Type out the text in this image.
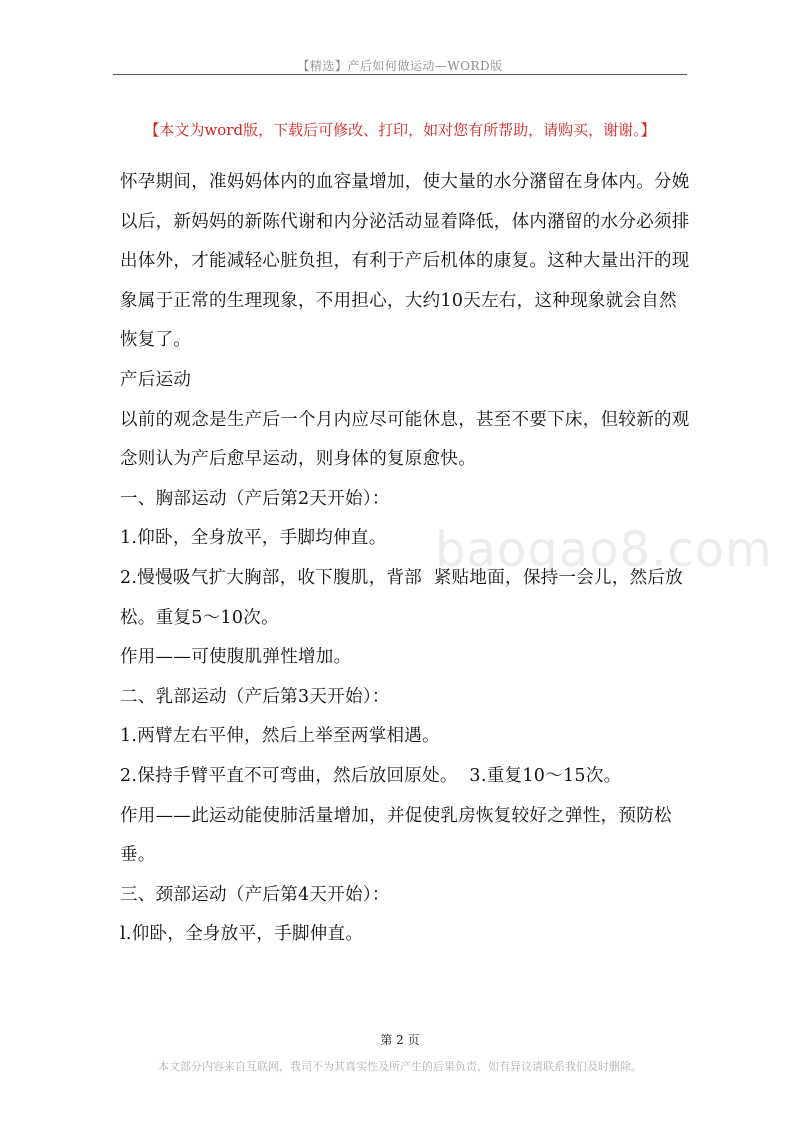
【精选】产后如何做运动—WORD版
【本文为word版，下载后可修改、打印，如对您有所帮助，请购买，谢谢。】
baogao8.com

怀孕期间，准妈妈体内的血容量增加，使大量的水分潴留在身体内。分娩以后，新妈妈的新陈代谢和内分泌活动显着降低，体内潴留的水分必须排出体外，才能减轻心脏负担，有利于产后机体的康复。这种大量出汗的现象属于正常的生理现象，不用担心，大约10天左右，这种现象就会自然恢复了。

产后运动

以前的观念是生产后一个月内应尽可能休息，甚至不要下床，但较新的观念则认为产后愈早运动，则身体的复原愈快。

一、胸部运动（产后第2天开始）：

1.仰卧，全身放平，手脚均伸直。

2.慢慢吸气扩大胸部，收下腹肌，背部  紧贴地面，保持一会儿，然后放松。重复5～10次。

作用——可使腹肌弹性增加。

二、乳部运动（产后第3天开始）：

1.两臂左右平伸，然后上举至两掌相遇。

2.保持手臂平直不可弯曲，然后放回原处。  3.重复10～15次。

作用——此运动能使肺活量增加，并促使乳房恢复较好之弹性，预防松垂。

三、颈部运动（产后第4天开始）：

l.仰卧，全身放平，手脚伸直。

第 2 页
本文部分内容来自互联网，我司不为其真实性及所产生的后果负责，如有异议请联系我们及时删除。
